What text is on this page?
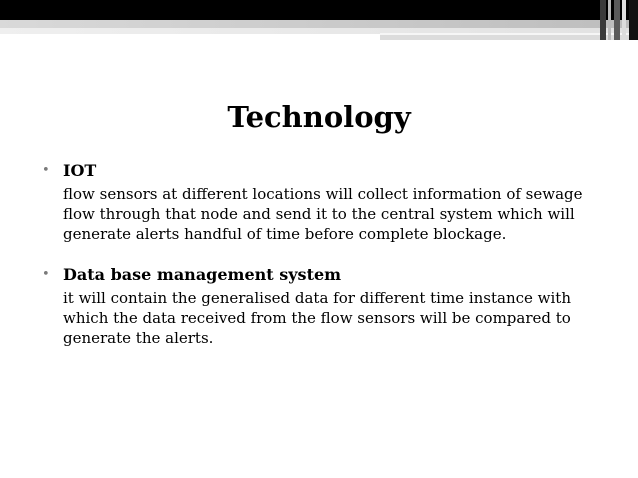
Technology

• IOT

flow sensors at different locations will collect information of sewage flow through that node and send it to the central system which will generate alerts handful of time before complete blockage.

• Data base management system

it will contain the generalised data for different time instance with which the data received from the flow sensors will be compared to generate the alerts.
